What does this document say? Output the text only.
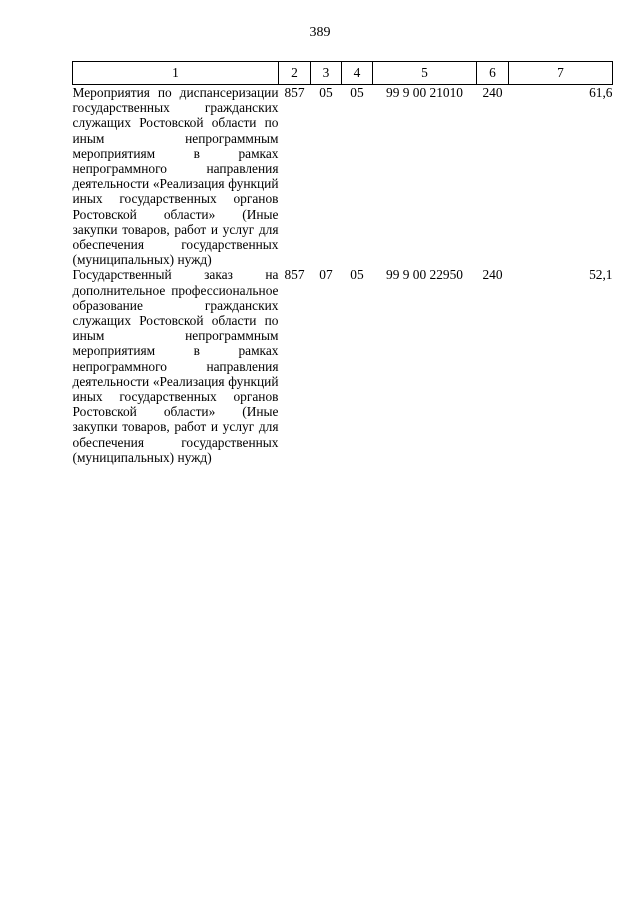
389
1	2	3	4	5	6	7
Мероприятия по диспансеризации государственных гражданских служащих Ростовской области по иным непрограммным мероприятиям в рамках непрограммного направления деятельности «Реализация функций иных государственных органов Ростовской области» (Иные закупки товаров, работ и услуг для обеспечения государственных (муниципальных) нужд)	857	05	05	99 9 00 21010	240	61,6
Государственный заказ на дополнительное профессиональное образование гражданских служащих Ростовской области по иным непрограммным мероприятиям в рамках непрограммного направления деятельности «Реализация функций иных государственных органов Ростовской области» (Иные закупки товаров, работ и услуг для обеспечения государственных (муниципальных) нужд)	857	07	05	99 9 00 22950	240	52,1
